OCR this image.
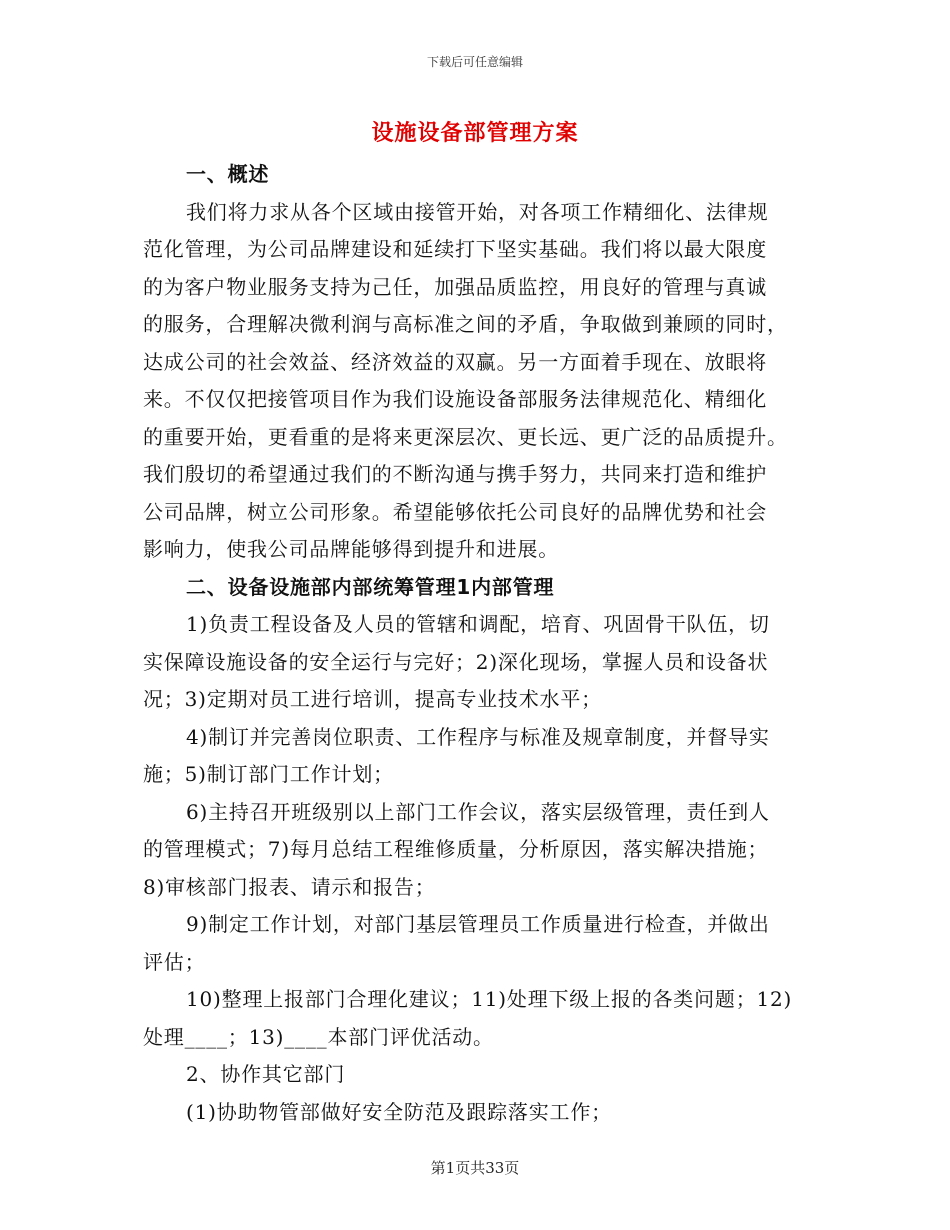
下载后可任意编辑
设施设备部管理方案
一、概述
我们将力求从各个区域由接管开始，对各项工作精细化、法律规
范化管理，为公司品牌建设和延续打下坚实基础。我们将以最大限度
的为客户物业服务支持为己任，加强品质监控，用良好的管理与真诚
的服务，合理解决微利润与高标准之间的矛盾，争取做到兼顾的同时，
达成公司的社会效益、经济效益的双赢。另一方面着手现在、放眼将
来。不仅仅把接管项目作为我们设施设备部服务法律规范化、精细化
的重要开始，更看重的是将来更深层次、更长远、更广泛的品质提升。
我们殷切的希望通过我们的不断沟通与携手努力，共同来打造和维护
公司品牌，树立公司形象。希望能够依托公司良好的品牌优势和社会
影响力，使我公司品牌能够得到提升和进展。
二、设备设施部内部统筹管理1内部管理
1)负责工程设备及人员的管辖和调配，培育、巩固骨干队伍，切
实保障设施设备的安全运行与完好；2)深化现场，掌握人员和设备状
况；3)定期对员工进行培训，提高专业技术水平；
4)制订并完善岗位职责、工作程序与标准及规章制度，并督导实
施；5)制订部门工作计划；
6)主持召开班级别以上部门工作会议，落实层级管理，责任到人
的管理模式；7)每月总结工程维修质量，分析原因，落实解决措施；
8)审核部门报表、请示和报告；
9)制定工作计划，对部门基层管理员工作质量进行检查，并做出
评估；
10)整理上报部门合理化建议；11)处理下级上报的各类问题；12)
处理____；13)____本部门评优活动。
2、协作其它部门
(1)协助物管部做好安全防范及跟踪落实工作；
第1页共33页
